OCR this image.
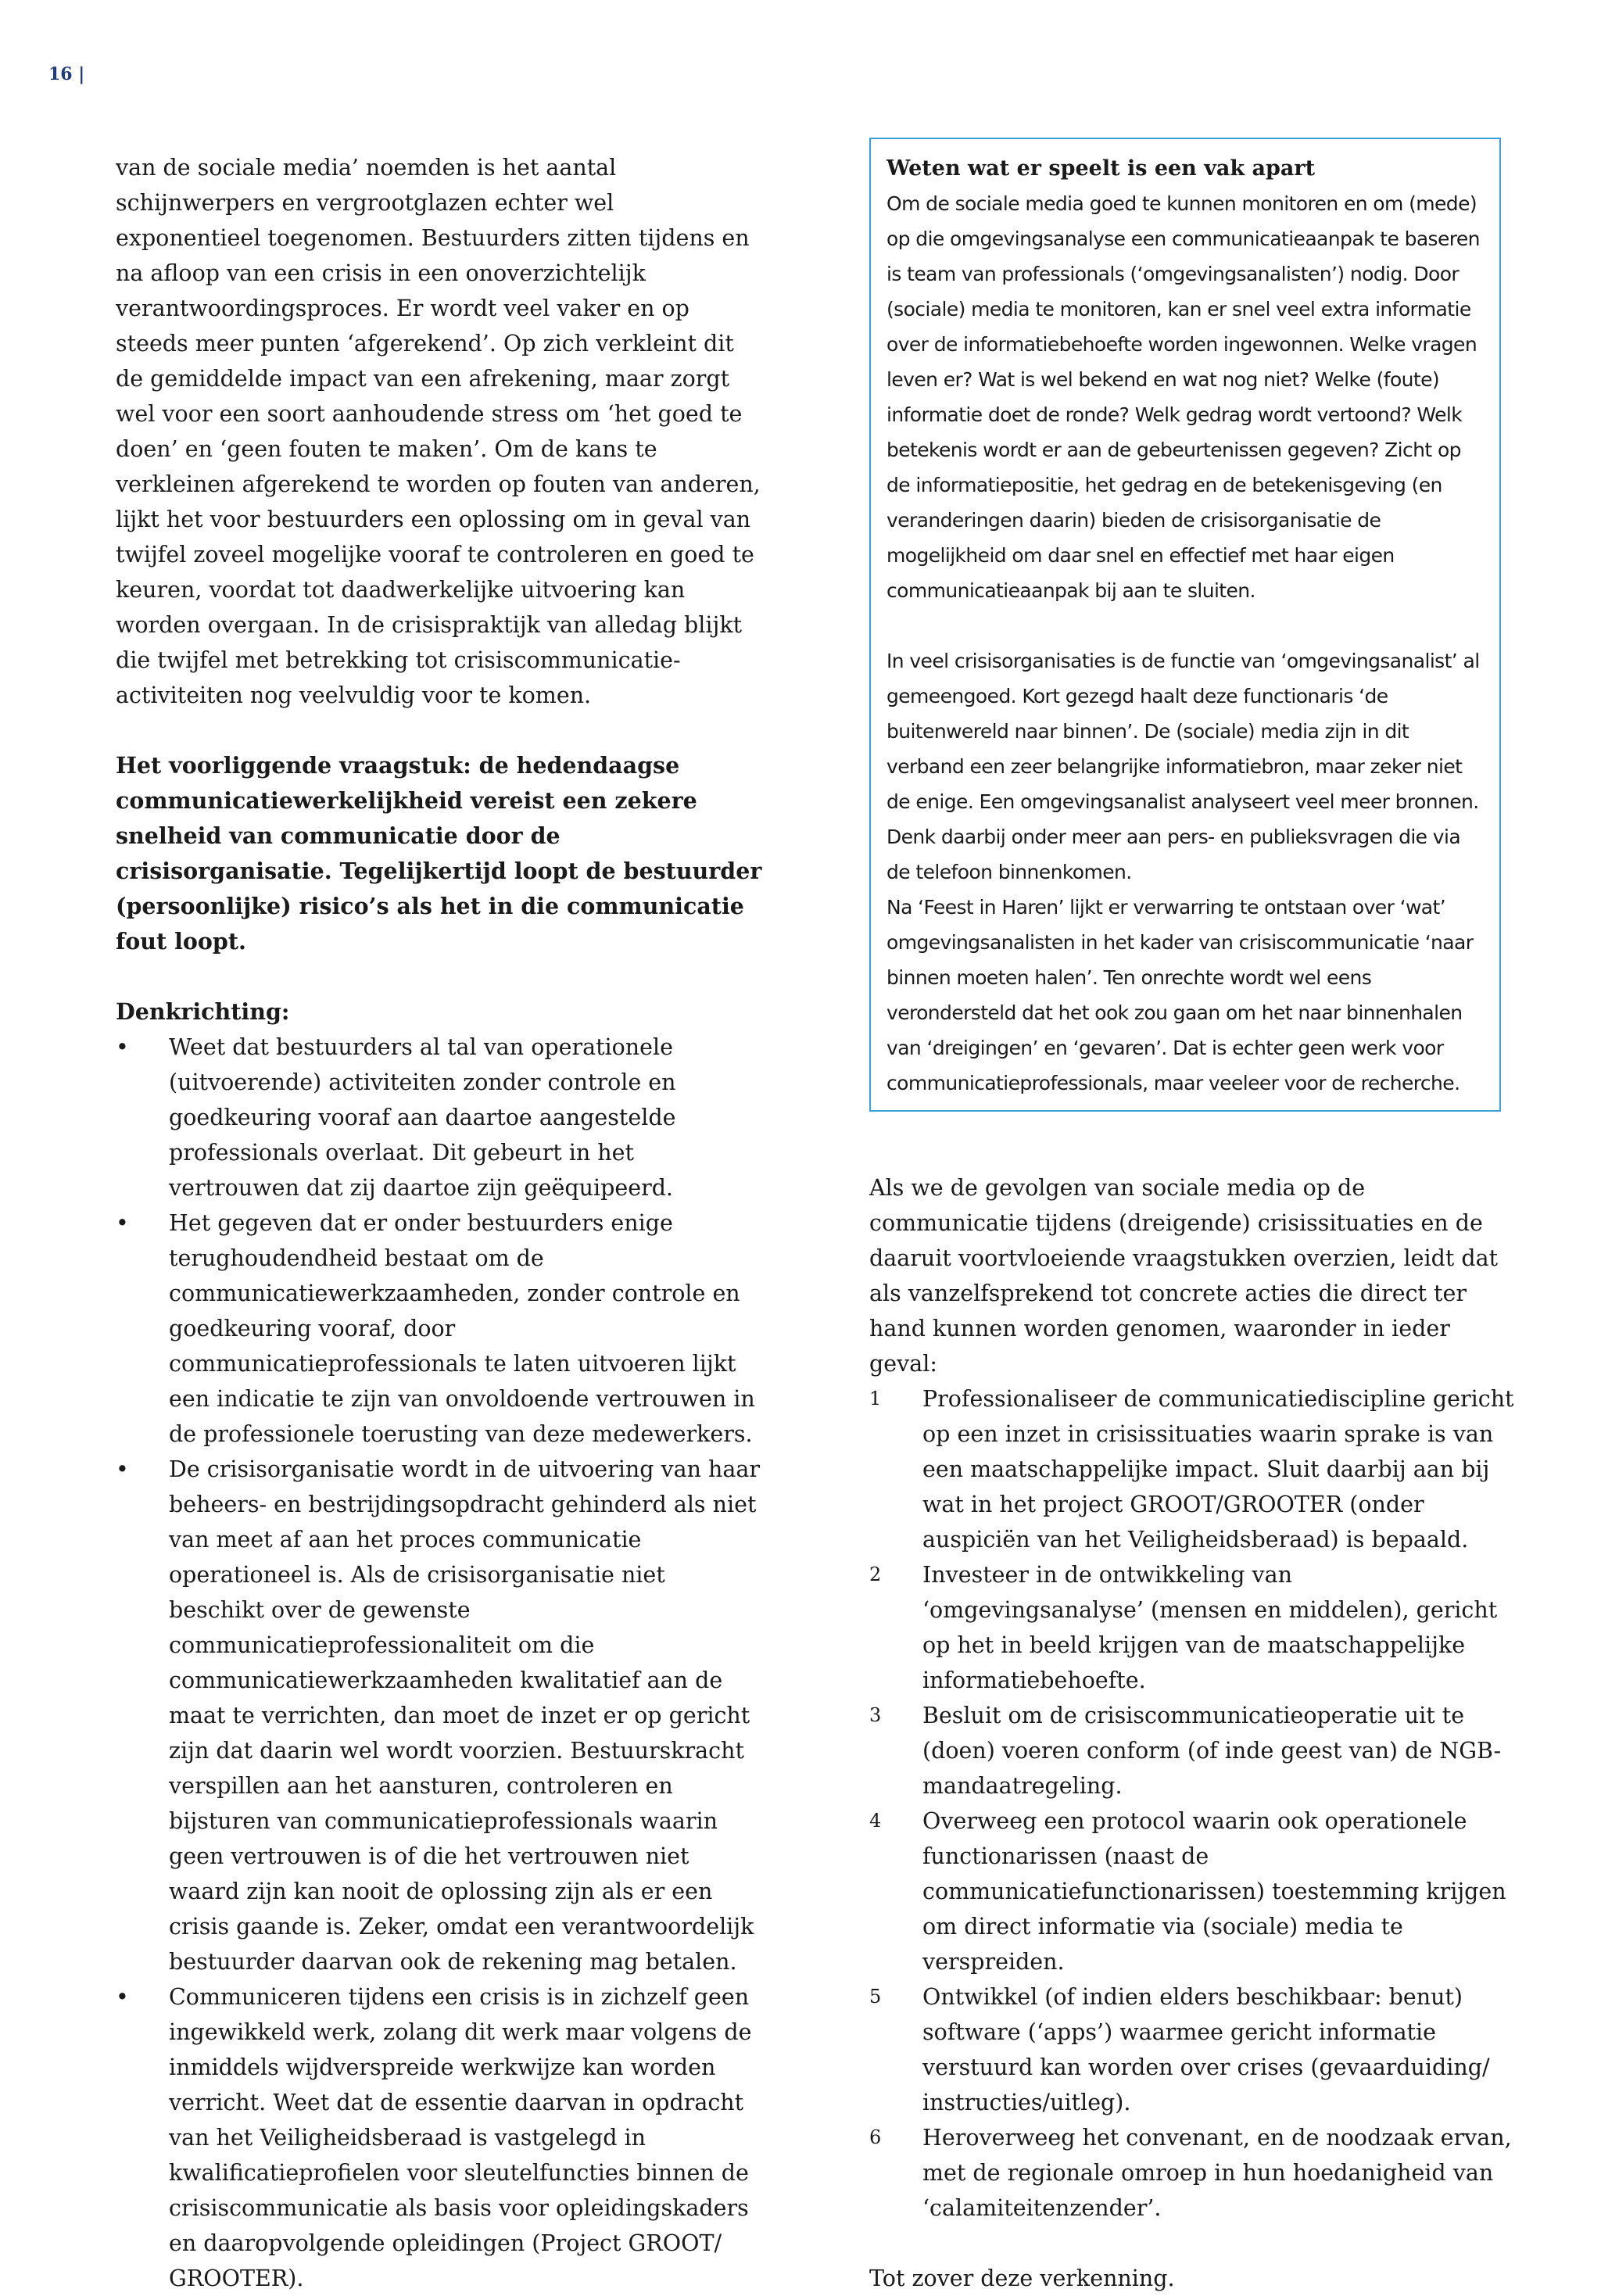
16 |

van de sociale media’ noemden is het aantal schijnwerpers en vergrootglazen echter wel exponentieel toegenomen. Bestuurders zitten tijdens en na afloop van een crisis in een onoverzichtelijk verantwoordingsproces. Er wordt veel vaker en op steeds meer punten ‘afgerekend’. Op zich verkleint dit de gemiddelde impact van een afrekening, maar zorgt wel voor een soort aanhoudende stress om ‘het goed te doen’ en ‘geen fouten te maken’. Om de kans te verkleinen afgerekend te worden op fouten van anderen, lijkt het voor bestuurders een oplossing om in geval van twijfel zoveel mogelijke vooraf te controleren en goed te keuren, voordat tot daadwerkelijke uitvoering kan worden overgaan. In de crisispraktijk van alledag blijkt die twijfel met betrekking tot crisiscommunicatie-activiteiten nog veelvuldig voor te komen.

Het voorliggende vraagstuk: de hedendaagse communicatiewerkelijkheid vereist een zekere snelheid van communicatie door de crisisorganisatie. Tegelijkertijd loopt de bestuurder (persoonlijke) risico’s als het in die communicatie fout loopt.

Denkrichting:

• Weet dat bestuurders al tal van operationele (uitvoerende) activiteiten zonder controle en goedkeuring vooraf aan daartoe aangestelde professionals overlaat. Dit gebeurt in het vertrouwen dat zij daartoe zijn geëquipeerd.
• Het gegeven dat er onder bestuurders enige terughoudendheid bestaat om de communicatiewerkzaamheden, zonder controle en goedkeuring vooraf, door communicatieprofessionals te laten uitvoeren lijkt een indicatie te zijn van onvoldoende vertrouwen in de professionele toerusting van deze medewerkers.
• De crisisorganisatie wordt in de uitvoering van haar beheers- en bestrijdingsopdracht gehinderd als niet van meet af aan het proces communicatie operationeel is. Als de crisisorganisatie niet beschikt over de gewenste communicatieprofessionaliteit om die communicatiewerkzaamheden kwalitatief aan de maat te verrichten, dan moet de inzet er op gericht zijn dat daarin wel wordt voorzien. Bestuurskracht verspillen aan het aansturen, controleren en bijsturen van communicatieprofessionals waarin geen vertrouwen is of die het vertrouwen niet waard zijn kan nooit de oplossing zijn als er een crisis gaande is. Zeker, omdat een verantwoordelijk bestuurder daarvan ook de rekening mag betalen.
• Communiceren tijdens een crisis is in zichzelf geen ingewikkeld werk, zolang dit werk maar volgens de inmiddels wijdverspreide werkwijze kan worden verricht. Weet dat de essentie daarvan in opdracht van het Veiligheidsberaad is vastgelegd in kwalificatieprofielen voor sleutelfuncties binnen de crisiscommunicatie als basis voor opleidingskaders en daaropvolgende opleidingen (Project GROOT/ GROOTER).
Weten wat er speelt is een vak apart

Om de sociale media goed te kunnen monitoren en om (mede) op die omgevingsanalyse een communicatieaanpak te baseren is team van professionals (‘omgevingsanalisten’) nodig. Door (sociale) media te monitoren, kan er snel veel extra informatie over de informatiebehoefte worden ingewonnen. Welke vragen leven er? Wat is wel bekend en wat nog niet? Welke (foute) informatie doet de ronde? Welk gedrag wordt vertoond? Welk betekenis wordt er aan de gebeurtenissen gegeven? Zicht op de informatiepositie, het gedrag en de betekenisgeving (en veranderingen daarin) bieden de crisisorganisatie de mogelijkheid om daar snel en effectief met haar eigen communicatieaanpak bij aan te sluiten.

In veel crisisorganisaties is de functie van ‘omgevingsanalist’ al gemeengoed. Kort gezegd haalt deze functionaris ‘de buitenwereld naar binnen’. De (sociale) media zijn in dit verband een zeer belangrijke informatiebron, maar zeker niet de enige. Een omgevingsanalist analyseert veel meer bronnen. Denk daarbij onder meer aan pers- en publieksvragen die via de telefoon binnenkomen.

Na ‘Feest in Haren’ lijkt er verwarring te ontstaan over ‘wat’ omgevingsanalisten in het kader van crisiscommunicatie ‘naar binnen moeten halen’. Ten onrechte wordt wel eens verondersteld dat het ook zou gaan om het naar binnenhalen van ‘dreigingen’ en ‘gevaren’. Dat is echter geen werk voor communicatieprofessionals, maar veeleer voor de recherche.

Als we de gevolgen van sociale media op de communicatie tijdens (dreigende) crisissituaties en de daaruit voortvloeiende vraagstukken overzien, leidt dat als vanzelfsprekend tot concrete acties die direct ter hand kunnen worden genomen, waaronder in ieder geval:

1 Professionaliseer de communicatiediscipline gericht op een inzet in crisissituaties waarin sprake is van een maatschappelijke impact. Sluit daarbij aan bij wat in het project GROOT/GROOTER (onder auspiciën van het Veiligheidsberaad) is bepaald.
2 Investeer in de ontwikkeling van ‘omgevingsanalyse’ (mensen en middelen), gericht op het in beeld krijgen van de maatschappelijke informatiebehoefte.
3 Besluit om de crisiscommunicatieoperatie uit te (doen) voeren conform (of inde geest van) de NGB-mandaatregeling.
4 Overweeg een protocol waarin ook operationele functionarissen (naast de communicatiefunctionarissen) toestemming krijgen om direct informatie via (sociale) media te verspreiden.
5 Ontwikkel (of indien elders beschikbaar: benut) software (‘apps’) waarmee gericht informatie verstuurd kan worden over crises (gevaarduiding/ instructies/uitleg).
6 Heroverweeg het convenant, en de noodzaak ervan, met de regionale omroep in hun hoedanigheid van ‘calamiteitenzender’.

Tot zover deze verkenning.
